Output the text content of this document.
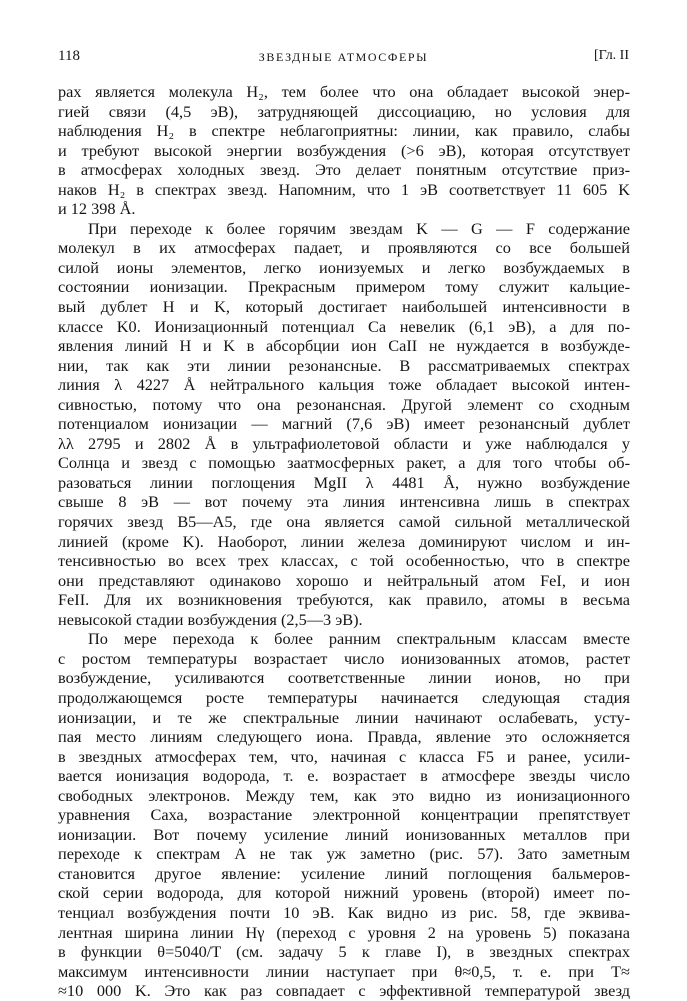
118	ЗВЕЗДНЫЕ АТМОСФЕРЫ	[Гл. II
рах является молекула H₂, тем более что она обладает высокой энер-
гией связи (4,5 эВ), затрудняющей диссоциацию, но условия для
наблюдения H₂ в спектре неблагоприятны: линии, как правило, слабы
и требуют высокой энергии возбуждения (>6 эВ), которая отсутствует
в атмосферах холодных звезд. Это делает понятным отсутствие приз-
наков H₂ в спектрах звезд. Напомним, что 1 эВ соответствует 11 605 K
и 12 398 Å.
При переходе к более горячим звездам K — G — F содержание
молекул в их атмосферах падает, и проявляются со все большей
силой ионы элементов, легко ионизуемых и легко возбуждаемых в
состоянии ионизации. Прекрасным примером тому служит кальцие-
вый дублет H и K, который достигает наибольшей интенсивности в
классе K0. Ионизационный потенциал Ca невелик (6,1 эВ), а для по-
явления линий H и K в абсорбции ион CaII не нуждается в возбужде-
нии, так как эти линии резонансные. В рассматриваемых спектрах
линия λ 4227 Å нейтрального кальция тоже обладает высокой интен-
сивностью, потому что она резонансная. Другой элемент со сходным
потенциалом ионизации — магний (7,6 эВ) имеет резонансный дублет
λλ 2795 и 2802 Å в ультрафиолетовой области и уже наблюдался у
Солнца и звезд с помощью заатмосферных ракет, а для того чтобы об-
разоваться линии поглощения MgII λ 4481 Å, нужно возбуждение
свыше 8 эВ — вот почему эта линия интенсивна лишь в спектрах
горячих звезд B5—A5, где она является самой сильной металлической
линией (кроме K). Наоборот, линии железа доминируют числом и ин-
тенсивностью во всех трех классах, с той особенностью, что в спектре
они представляют одинаково хорошо и нейтральный атом FeI, и ион
FeII. Для их возникновения требуются, как правило, атомы в весьма
невысокой стадии возбуждения (2,5—3 эВ).
По мере перехода к более ранним спектральным классам вместе
с ростом температуры возрастает число ионизованных атомов, растет
возбуждение, усиливаются соответственные линии ионов, но при
продолжающемся росте температуры начинается следующая стадия
ионизации, и те же спектральные линии начинают ослабевать, усту-
пая место линиям следующего иона. Правда, явление это осложняется
в звездных атмосферах тем, что, начиная с класса F5 и ранее, усили-
вается ионизация водорода, т. е. возрастает в атмосфере звезды число
свободных электронов. Между тем, как это видно из ионизационного
уравнения Саха, возрастание электронной концентрации препятствует
ионизации. Вот почему усиление линий ионизованных металлов при
переходе к спектрам A не так уж заметно (рис. 57). Зато заметным
становится другое явление: усиление линий поглощения бальмеров-
ской серии водорода, для которой нижний уровень (второй) имеет по-
тенциал возбуждения почти 10 эВ. Как видно из рис. 58, где эквива-
лентная ширина линии Hγ (переход с уровня 2 на уровень 5) показана
в функции θ=5040/T (см. задачу 5 к главе I), в звездных спектрах
максимум интенсивности линии наступает при θ≈0,5, т. е. при T≈
≈10 000 K. Это как раз совпадает с эффективной температурой звезд
